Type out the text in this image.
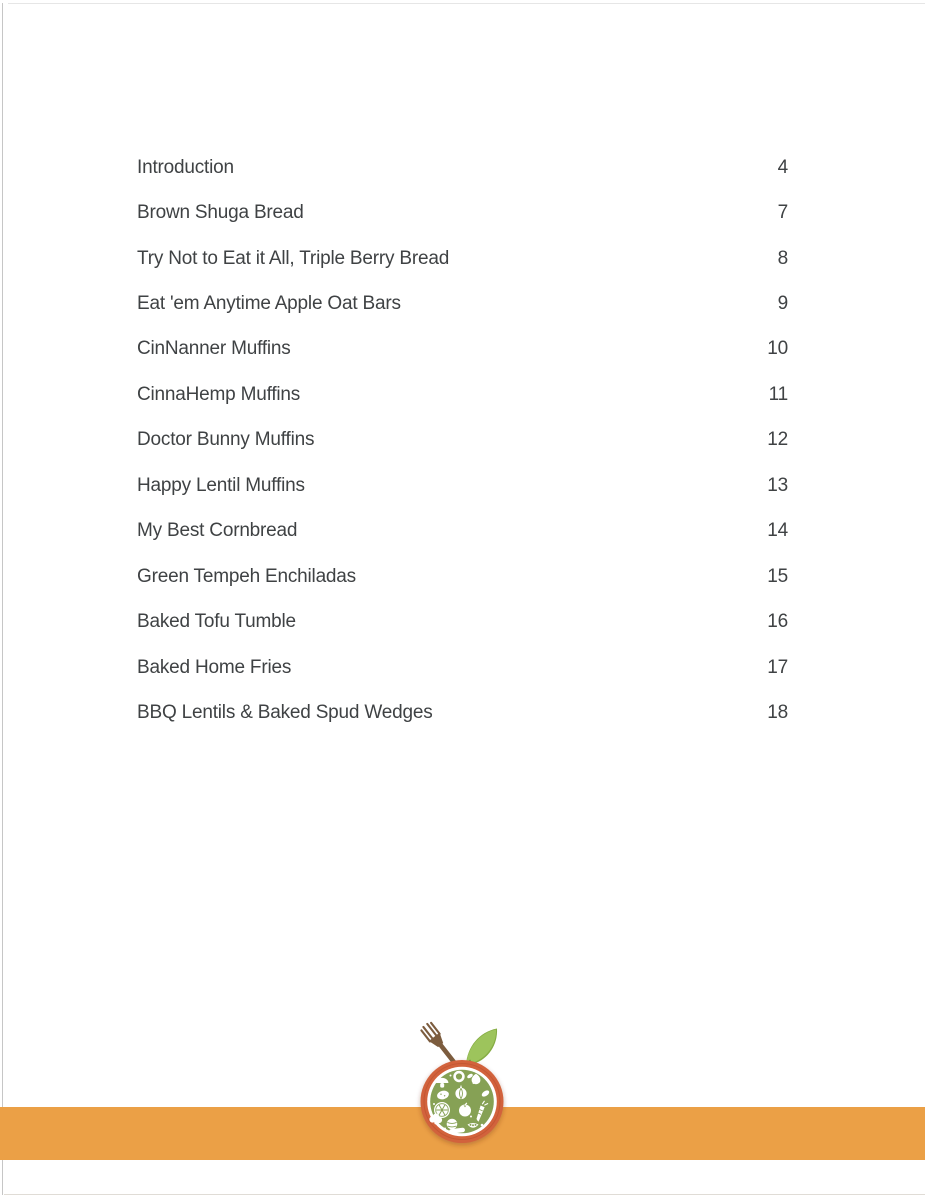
Introduction	4
Brown Shuga Bread	7
Try Not to Eat it All, Triple Berry Bread	8
Eat 'em Anytime Apple Oat Bars	9
CinNanner Muffins	10
CinnaHemp Muffins	11
Doctor Bunny Muffins	12
Happy Lentil Muffins	13
My Best Cornbread	14
Green Tempeh Enchiladas	15
Baked Tofu Tumble	16
Baked Home Fries	17
BBQ Lentils & Baked Spud Wedges	18
